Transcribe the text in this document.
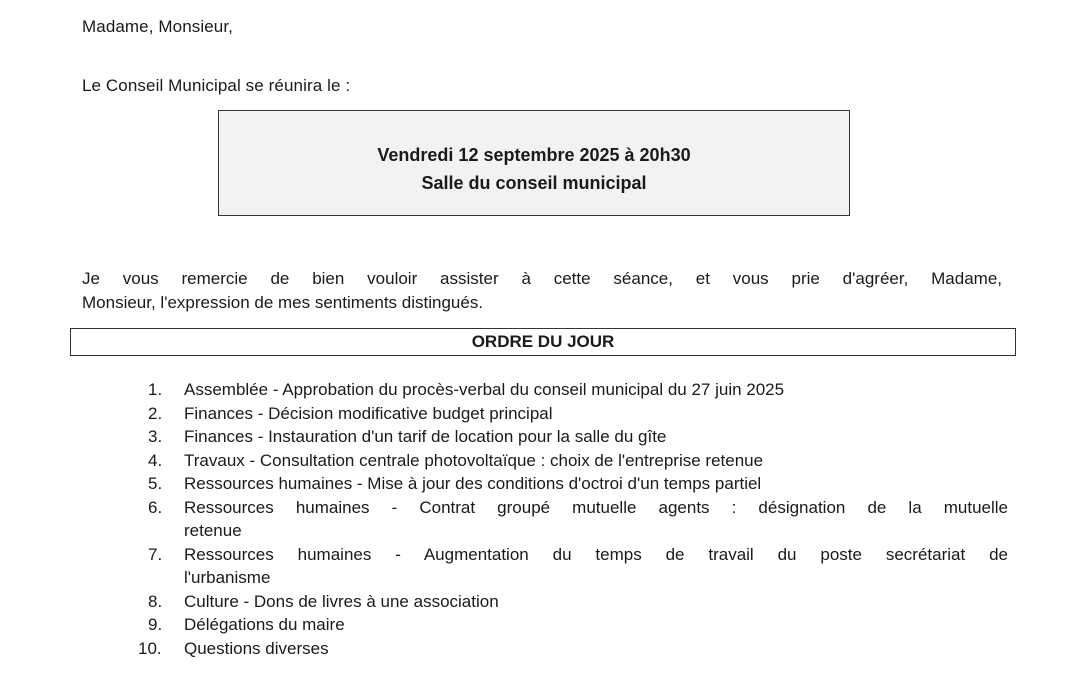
Madame, Monsieur,
Le Conseil Municipal se réunira le :
Vendredi 12 septembre 2025 à 20h30
Salle du conseil municipal
Je vous remercie de bien vouloir assister à cette séance, et vous prie d'agréer, Madame,
Monsieur, l'expression de mes sentiments distingués.
ORDRE DU JOUR
1.	Assemblée - Approbation du procès-verbal du conseil municipal du 27 juin 2025
2.	Finances - Décision modificative budget principal
3.	Finances - Instauration d'un tarif de location pour la salle du gîte
4.	Travaux - Consultation centrale photovoltaïque : choix de l'entreprise retenue
5.	Ressources humaines - Mise à jour des conditions d'octroi d'un temps partiel
6.	Ressources humaines - Contrat groupé mutuelle agents : désignation de la mutuelle
retenue
7.	Ressources humaines - Augmentation du temps de travail du poste secrétariat de
l'urbanisme
8.	Culture - Dons de livres à une association
9.	Délégations du maire
10.	Questions diverses
